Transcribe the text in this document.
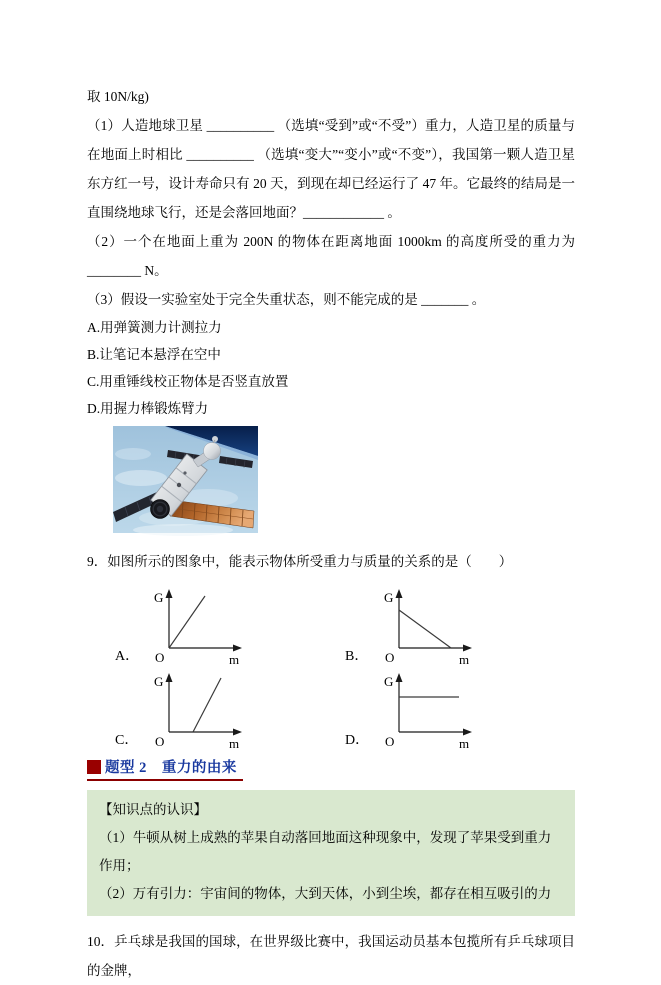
取 10N/kg)

（1）人造地球卫星 __________ （选填“受到”或“不受”）重力，人造卫星的质量与在地面上时相比 __________ （选填“变大”“变小”或“不变”），我国第一颗人造卫星东方红一号，设计寿命只有 20 天，到现在却已经运行了 47 年。它最终的结局是一直围绕地球飞行，还是会落回地面？____________ 。

（2）一个在地面上重为 200N 的物体在距离地面 1000km 的高度所受的重力为 ________ N。

（3）假设一实验室处于完全失重状态，则不能完成的是 _______ 。

A.用弹簧测力计测拉力

B.让笔记本悬浮在空中

C.用重锤线校正物体是否竖直放置

D.用握力棒锻炼臂力

9．如图所示的图象中，能表示物体所受重力与质量的关系的是（　　）

A．
G
O	m	B．
G
O	m
C．
G
O	m	D．
G
O	m
题型 2　重力的由来

【知识点的认识】

（1）牛顿从树上成熟的苹果自动落回地面这种现象中，发现了苹果受到重力作用；

（2）万有引力：宇宙间的物体，大到天体，小到尘埃，都存在相互吸引的力

10．乒乓球是我国的国球，在世界级比赛中，我国运动员基本包揽所有乒乓球项目的金牌，
